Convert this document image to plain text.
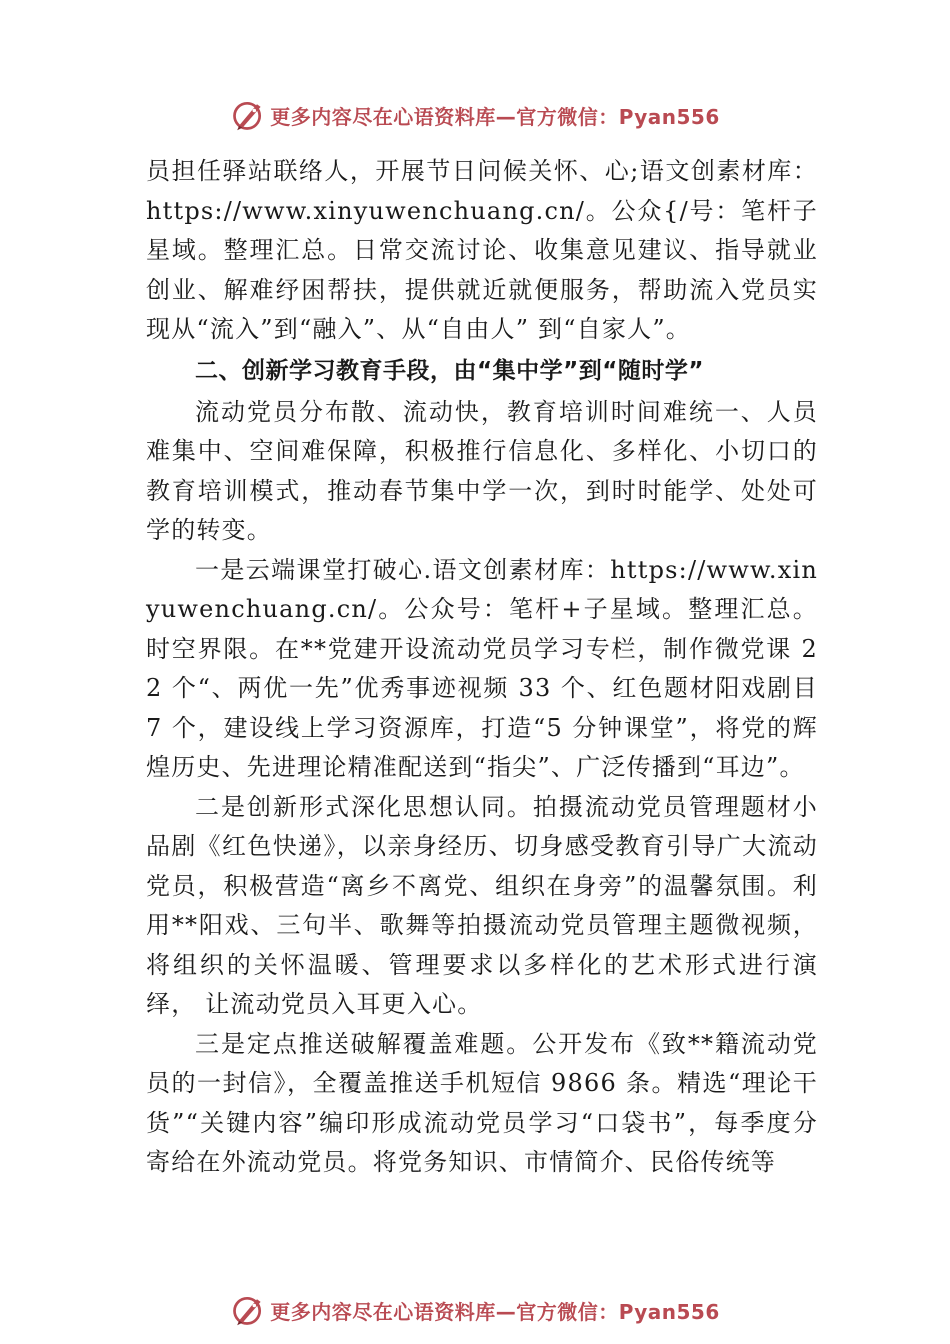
更多内容尽在心语资料库—官方微信：Pyan556

员担任驿站联络人，开展节日问候关怀、心;语文创素材库：https://www.xinyuwenchuang.cn/。公众{/号：笔杆子星域。整理汇总。日常交流讨论、收集意见建议、指导就业创业、解难纾困帮扶，提供就近就便服务，帮助流入党员实现从“流入”到“融入”、从“自由人” 到“自家人”。

二、创新学习教育手段，由“集中学”到“随时学”

流动党员分布散、流动快，教育培训时间难统一、人员难集中、空间难保障，积极推行信息化、多样化、小切口的教育培训模式，推动春节集中学一次，到时时能学、处处可学的转变。

一是云端课堂打破心.语文创素材库：https://www.xinyuwenchuang.cn/。公众号：笔杆+子星域。整理汇总。时空界限。在**党建开设流动党员学习专栏，制作微党课 22 个“、两优一先”优秀事迹视频 33 个、红色题材阳戏剧目 7 个，建设线上学习资源库，打造“5 分钟课堂”，将党的辉煌历史、先进理论精准配送到“指尖”、广泛传播到“耳边”。

二是创新形式深化思想认同。拍摄流动党员管理题材小品剧《红色快递》，以亲身经历、切身感受教育引导广大流动党员，积极营造“离乡不离党、组织在身旁”的温馨氛围。利用**阳戏、三句半、歌舞等拍摄流动党员管理主题微视频， 将组织的关怀温暖、管理要求以多样化的艺术形式进行演绎， 让流动党员入耳更入心。

三是定点推送破解覆盖难题。公开发布《致**籍流动党员的一封信》，全覆盖推送手机短信 9866 条。精选“理论干货”“关键内容”编印形成流动党员学习“口袋书”，每季度分寄给在外流动党员。将党务知识、市情简介、民俗传统等

更多内容尽在心语资料库—官方微信：Pyan556
